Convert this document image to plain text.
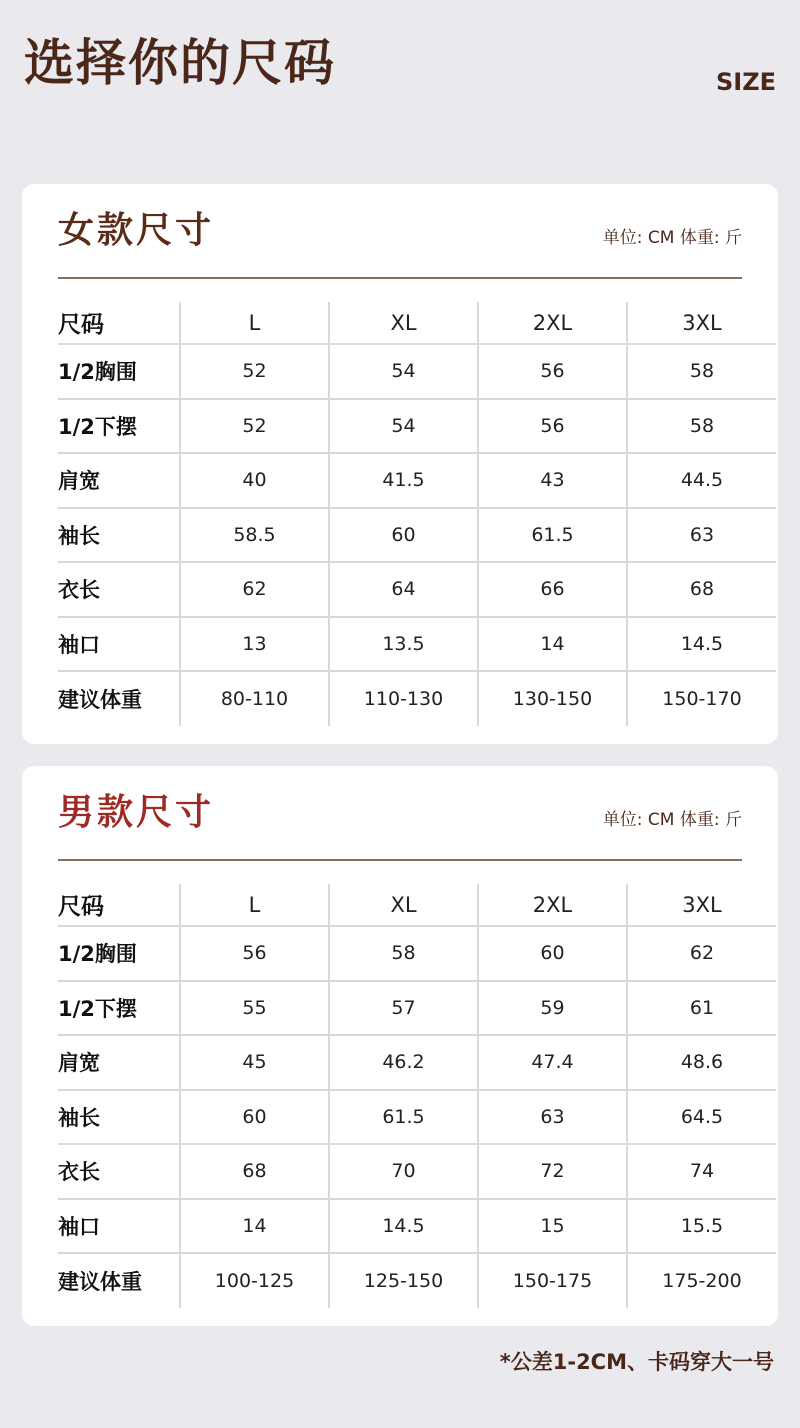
选择你的尺码	SIZE
女款尺寸	单位: CM 体重: 斤
尺码	L	XL	2XL	3XL
1/2胸围	52	54	56	58
1/2下摆	52	54	56	58
肩宽	40	41.5	43	44.5
袖长	58.5	60	61.5	63
衣长	62	64	66	68
袖口	13	13.5	14	14.5
建议体重	80-110	110-130	130-150	150-170
男款尺寸	单位: CM 体重: 斤
尺码	L	XL	2XL	3XL
1/2胸围	56	58	60	62
1/2下摆	55	57	59	61
肩宽	45	46.2	47.4	48.6
袖长	60	61.5	63	64.5
衣长	68	70	72	74
袖口	14	14.5	15	15.5
建议体重	100-125	125-150	150-175	175-200
*公差1-2CM、卡码穿大一号
